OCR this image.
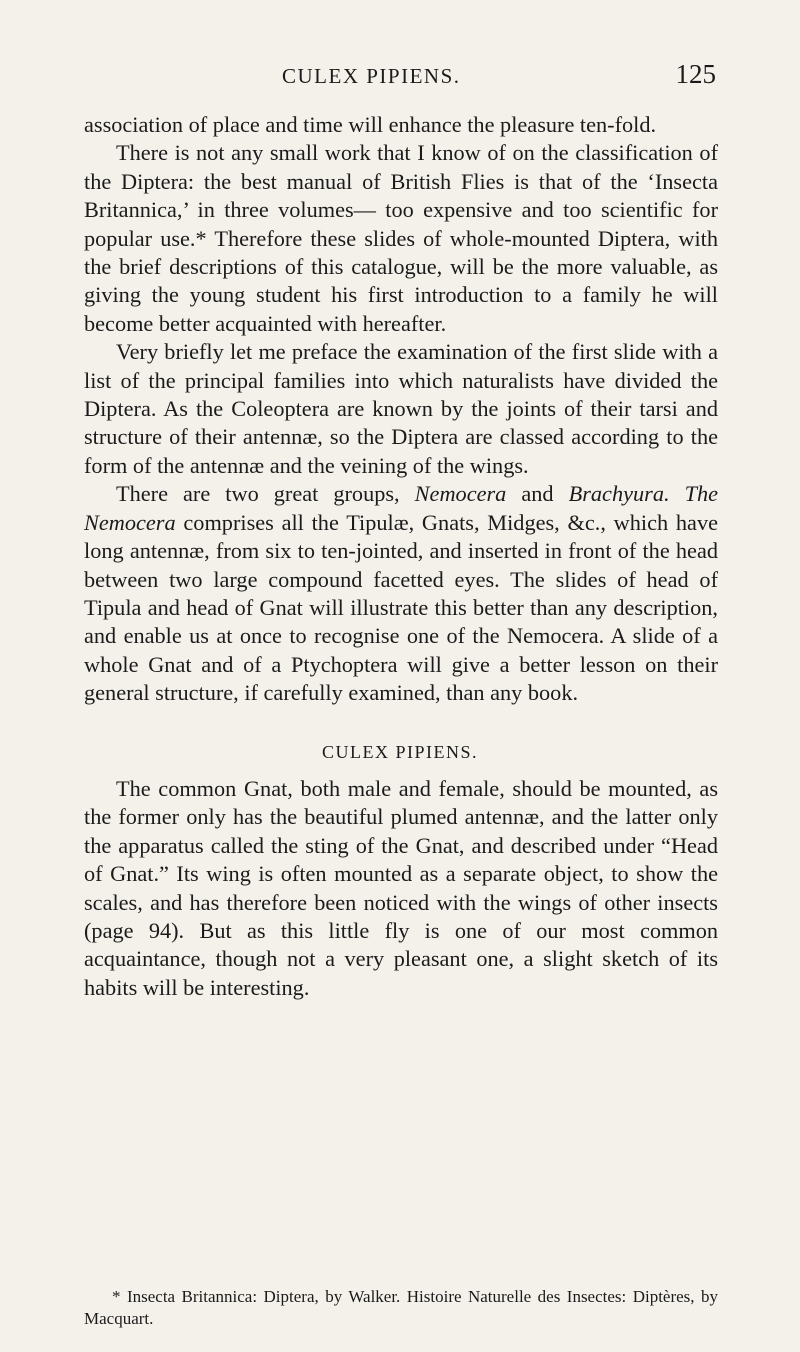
CULEX PIPIENS.	125

association of place and time will enhance the pleasure ten-fold.

There is not any small work that I know of on the classification of the Diptera: the best manual of British Flies is that of the ‘Insecta Britannica,’ in three volumes— too expensive and too scientific for popular use.* Therefore these slides of whole-mounted Diptera, with the brief descriptions of this catalogue, will be the more valuable, as giving the young student his first introduction to a family he will become better acquainted with hereafter.

Very briefly let me preface the examination of the first slide with a list of the principal families into which naturalists have divided the Diptera. As the Coleoptera are known by the joints of their tarsi and structure of their antennæ, so the Diptera are classed according to the form of the antennæ and the veining of the wings.

There are two great groups, Nemocera and Brachyura. The Nemocera comprises all the Tipulæ, Gnats, Midges, &c., which have long antennæ, from six to ten-jointed, and inserted in front of the head between two large compound facetted eyes. The slides of head of Tipula and head of Gnat will illustrate this better than any description, and enable us at once to recognise one of the Nemocera. A slide of a whole Gnat and of a Ptychoptera will give a better lesson on their general structure, if carefully examined, than any book.

CULEX PIPIENS.

The common Gnat, both male and female, should be mounted, as the former only has the beautiful plumed antennæ, and the latter only the apparatus called the sting of the Gnat, and described under “Head of Gnat.” Its wing is often mounted as a separate object, to show the scales, and has therefore been noticed with the wings of other insects (page 94). But as this little fly is one of our most common acquaintance, though not a very pleasant one, a slight sketch of its habits will be interesting.

* Insecta Britannica: Diptera, by Walker. Histoire Naturelle des Insectes: Diptères, by Macquart.
